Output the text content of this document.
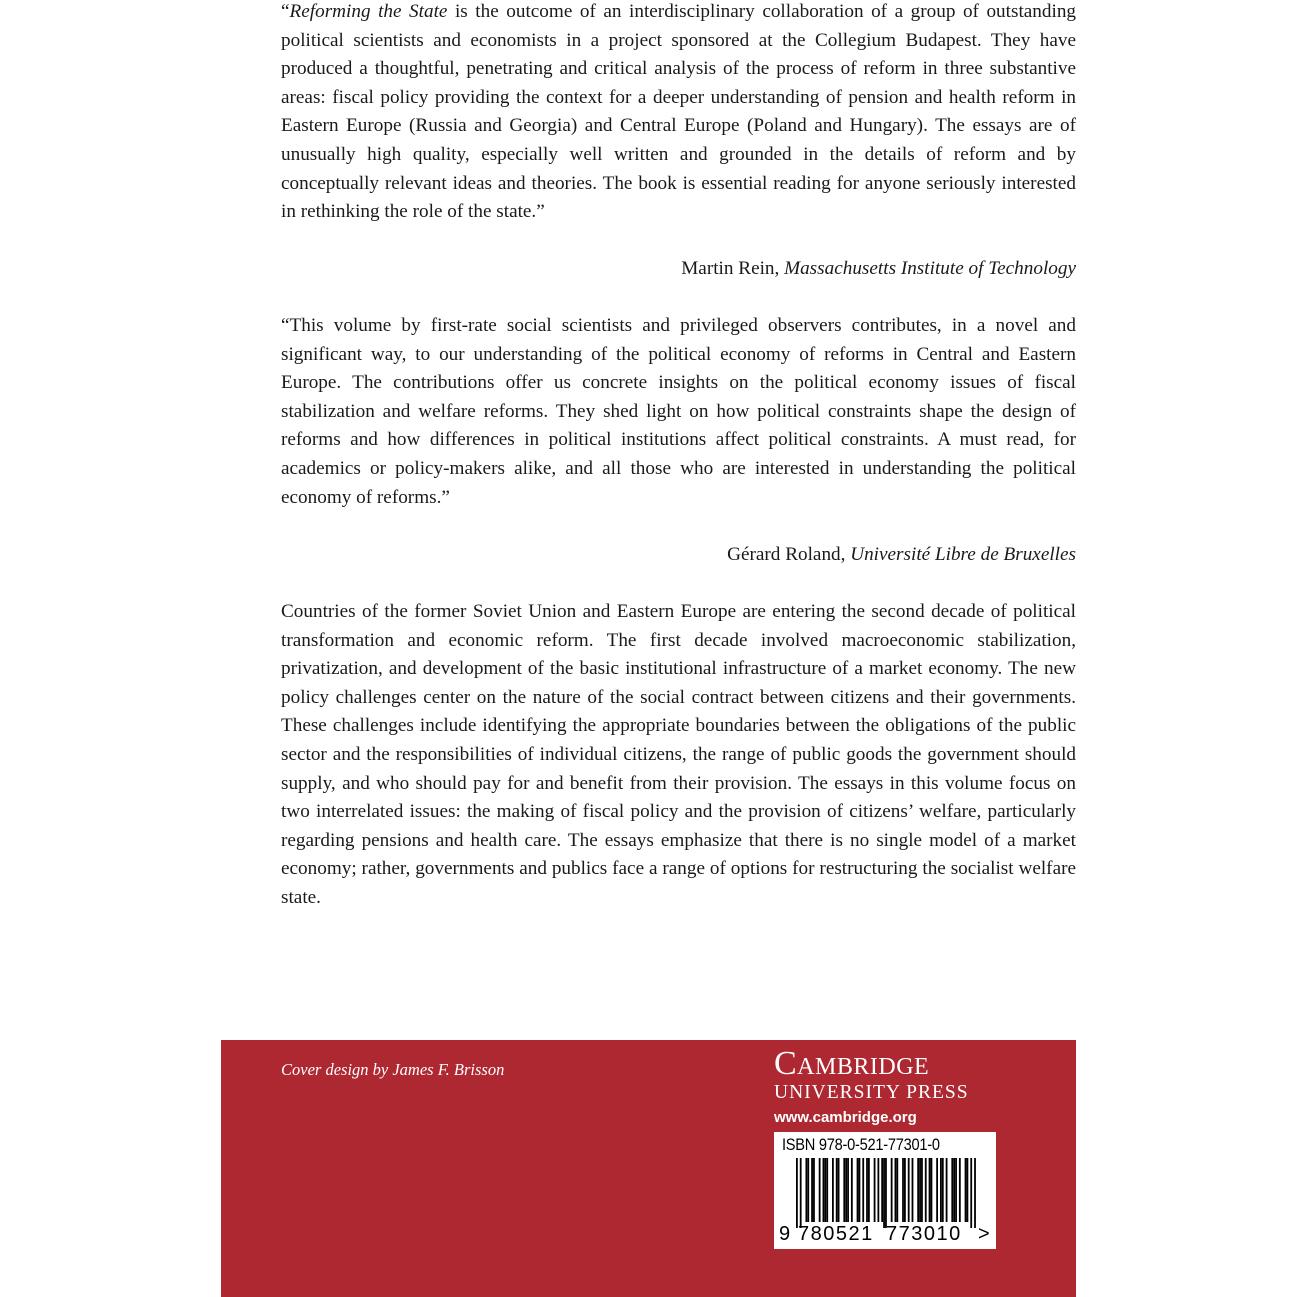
“Reforming the State is the outcome of an interdisciplinary collaboration of a group of outstanding political scientists and economists in a project sponsored at the Collegium Budapest. They have produced a thoughtful, penetrating and critical analysis of the process of reform in three substantive areas: fiscal policy providing the context for a deeper understanding of pension and health reform in Eastern Europe (Russia and Georgia) and Central Europe (Poland and Hungary). The essays are of unusually high quality, especially well written and grounded in the details of reform and by conceptually relevant ideas and theories. The book is essential reading for anyone seriously interested in rethinking the role of the state.”

Martin Rein, Massachusetts Institute of Technology

“This volume by first-rate social scientists and privileged observers contributes, in a novel and significant way, to our understanding of the political economy of reforms in Central and Eastern Europe. The contributions offer us concrete insights on the political economy issues of fiscal stabilization and welfare reforms. They shed light on how political constraints shape the design of reforms and how differences in political institutions affect political constraints. A must read, for academics or policy-makers alike, and all those who are interested in understanding the political economy of reforms.”

Gérard Roland, Université Libre de Bruxelles

Countries of the former Soviet Union and Eastern Europe are entering the second decade of political transformation and economic reform. The first decade involved macroeconomic stabilization, privatization, and development of the basic institutional infrastructure of a market economy. The new policy challenges center on the nature of the social contract between citizens and their governments. These challenges include identifying the appropriate boundaries between the obligations of the public sector and the responsibilities of individual citizens, the range of public goods the government should supply, and who should pay for and benefit from their provision. The essays in this volume focus on two interrelated issues: the making of fiscal policy and the provision of citizens’ welfare, particularly regarding pensions and health care. The essays emphasize that there is no single model of a market economy; rather, governments and publics face a range of options for restructuring the socialist welfare state.

Cover design by James F. Brisson	Cambridge
UNIVERSITY PRESS
www.cambridge.org
ISBN 978-0-521-77301-0
9 780521 773010 >
